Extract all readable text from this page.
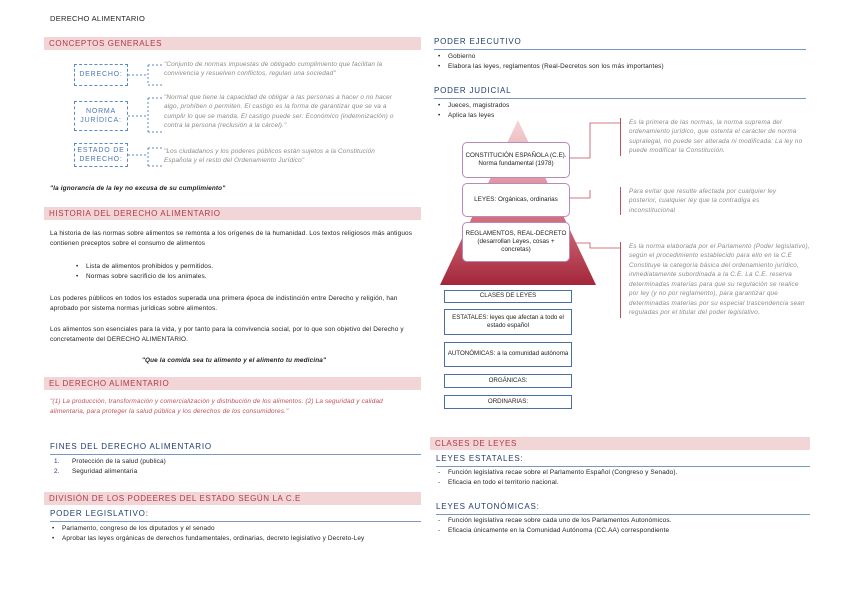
DERECHO ALIMENTARIO
CONCEPTOS GENERALES
DERECHO:
NORMA JURÍDICA:
ESTADO DE DERECHO:
"Conjunto de normas impuestas de obligado cumplimiento que facilitan la convivencia y resuelven conflictos, regulan una sociedad"
"Normal que tiene la capacidad de obligar a las personas a hacer o no hacer algo, prohíben o permiten. El castigo es la forma de garantizar que se va a cumplir lo que se manda. El castigo puede ser: Económico (indemnización) o contra la persona (reclusión a la cárcel)."
"Los ciudadanos y los poderes públicos están sujetos a la Constitución Española y el resto del Ordenamiento Jurídico"
"la ignorancia de la ley no excusa de su cumplimiento"
HISTORIA DEL DERECHO ALIMENTARIO
La historia de las normas sobre alimentos se remonta a los orígenes de la humanidad. Los textos religiosos más antiguos contienen preceptos sobre el consumo de alimentos
• Lista de alimentos prohibidos y permitidos.
• Normas sobre sacrificio de los animales.
Los poderes públicos en todos los estados superada una primera época de indistinción entre Derecho y religión, han aprobado por sistema normas jurídicas sobre alimentos.
Los alimentos son esenciales para la vida, y por tanto para la convivencia social, por lo que son objetivo del Derecho y concretamente del DERECHO ALIMENTARIO.
"Que la comida sea tu alimento y el alimento tu medicina"
EL DERECHO ALIMENTARIO
"(1) La producción, transformación y comercialización y distribución de los alimentos. (2) La seguridad y calidad alimentaria, para proteger la salud pública y los derechos de los consumidores."
FINES DEL DERECHO ALIMENTARIO
1. Protección de la salud (publica)
2. Seguridad alimentaria
DIVISIÓN DE LOS PODEERES DEL ESTADO SEGÚN LA C.E
PODER LEGISLATIVO:
• Parlamento, congreso de los diputados y el senado
• Aprobar las leyes orgánicas de derechos fundamentales, ordinarias, decreto legislativo y Decreto-Ley
PODER EJECUTIVO
• Gobierno
• Elabora las leyes, reglamentos (Real-Decretos son los más importantes)
PODER JUDICIAL
• Jueces, magistrados
• Aplica las leyes
CONSTITUCIÓN ESPAÑOLA (C.E). Norma fundamental (1978)
LEYES: Orgánicas, ordinarias
REGLAMENTOS, REAL-DECRETO (desarrollan Leyes, cosas + concretas)
Es la primera de las normas, la norma suprema del ordenamiento jurídico, que ostenta el carácter de norma supralegal, no puede ser alterada ni modificada: La ley no puede modificar la Constitución.
Para evitar que resulte afectada por cualquier ley posterior, cualquier ley que la contradiga es inconstitucional
Es la norma elaborada por el Parlamento (Poder legislativo), según el procedimiento establecido para ello en la C.E Constituye la categoría básica del ordenamiento jurídico, inmediatamente subordinada a la C.E. La C.E. reserva determinadas materias para que su regulación se realice por ley (y no por reglamento), para garantizar que determinadas materias por su especial trascendencia sean reguladas por el titular del poder legislativo.
CLASES DE LEYES
ESTATALES: leyes que afectan a todo el estado español
AUTONÓMICAS: a la comunidad autónoma
ORGÁNICAS:
ORDINARIAS:
CLASES DE LEYES
LEYES ESTATALES:
- Función legislativa recae sobre el Parlamento Español (Congreso y Senado).
- Eficacia en todo el territorio nacional.
LEYES AUTONÓMICAS:
- Función legislativa recae sobre cada uno de los Parlamentos Autonómicos.
- Eficacia únicamente en la Comunidad Autónoma (CC.AA) correspondiente
